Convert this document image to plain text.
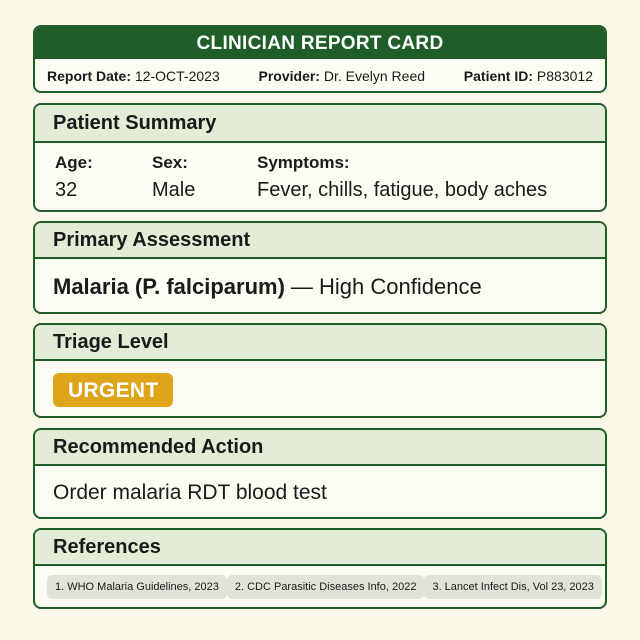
CLINICIAN REPORT CARD
Report Date: 12-OCT-2023	Provider: Dr. Evelyn Reed	Patient ID: P883012
Patient Summary
Age:
32
Sex:
Male
Symptoms:
Fever, chills, fatigue, body aches
Primary Assessment
Malaria (P. falciparum) — High Confidence
Triage Level
URGENT
Recommended Action
Order malaria RDT blood test
References
1. WHO Malaria Guidelines, 2023	2. CDC Parasitic Diseases Info, 2022	3. Lancet Infect Dis, Vol 23, 2023
